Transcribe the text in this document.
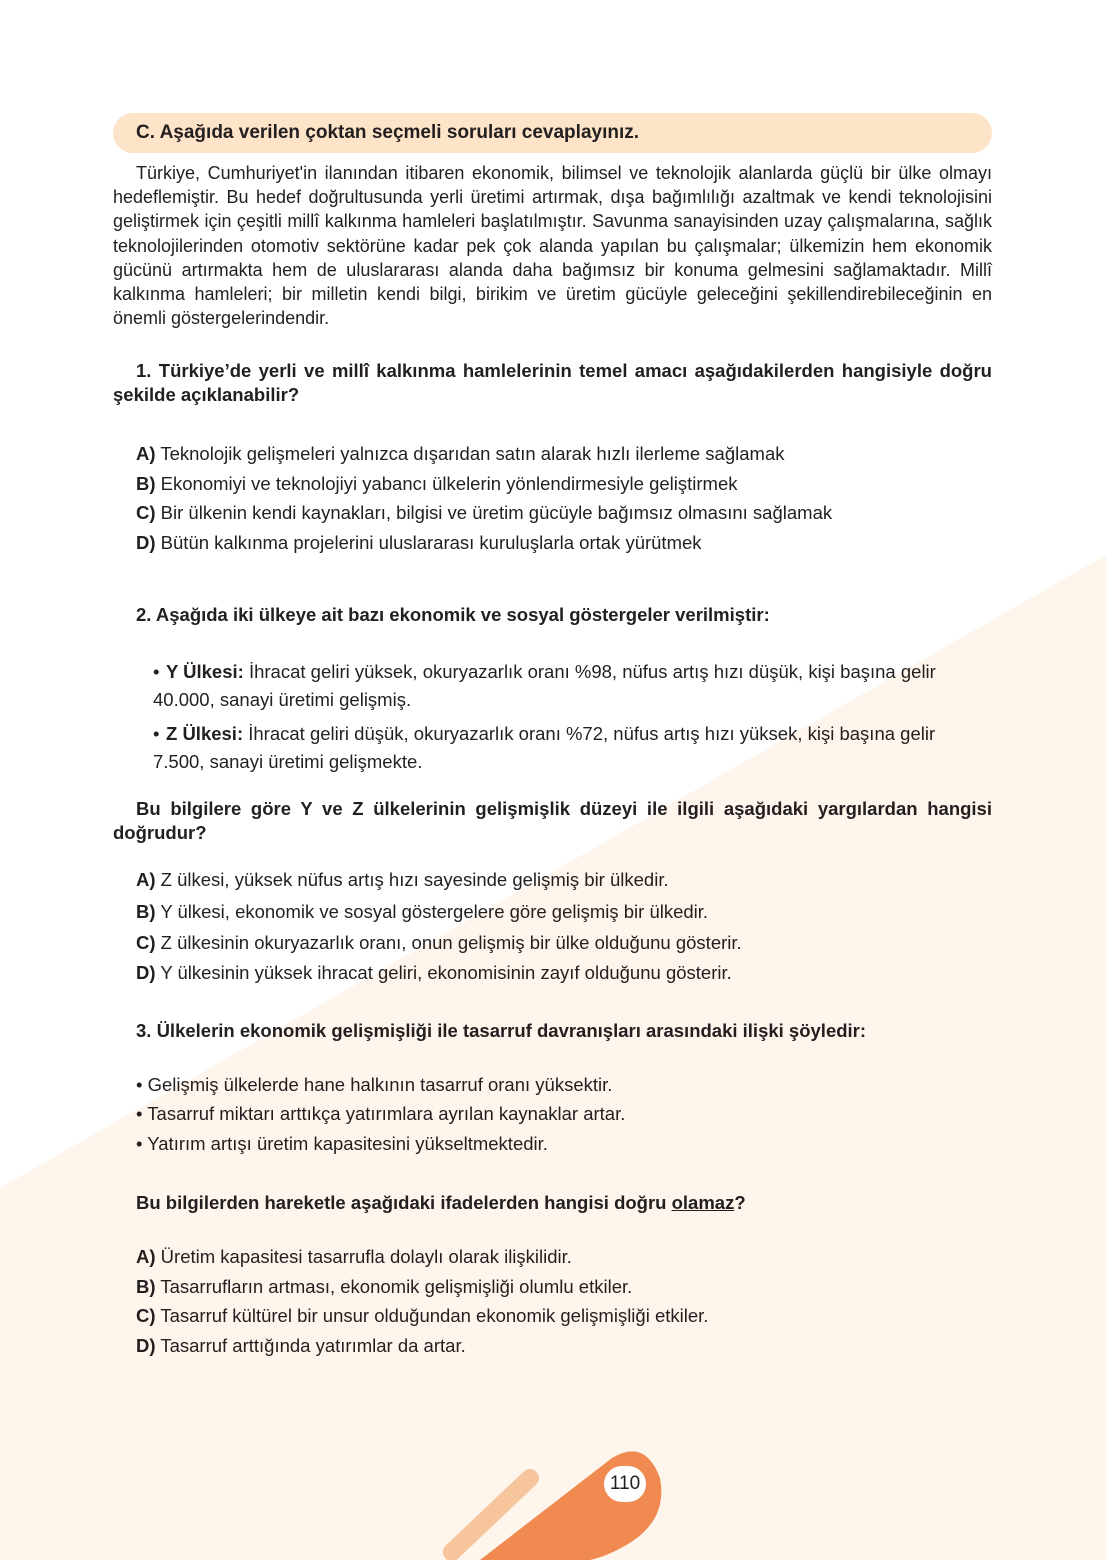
C. Aşağıda verilen çoktan seçmeli soruları cevaplayınız.

Türkiye, Cumhuriyet'in ilanından itibaren ekonomik, bilimsel ve teknolojik alanlarda güçlü bir ülke olmayı hedeflemiştir. Bu hedef doğrultusunda yerli üretimi artırmak, dışa bağımlılığı azaltmak ve kendi teknolojisini geliştirmek için çeşitli millî kalkınma hamleleri başlatılmıştır. Savunma sanayisinden uzay çalışmalarına, sağlık teknolojilerinden otomotiv sektörüne kadar pek çok alanda yapılan bu çalışmalar; ülkemizin hem ekonomik gücünü artırmakta hem de uluslararası alanda daha bağımsız bir konuma gelmesini sağlamaktadır. Millî kalkınma hamleleri; bir milletin kendi bilgi, birikim ve üretim gücüyle geleceğini şekillendirebileceğinin en önemli göstergelerindendir.

1. Türkiye’de yerli ve millî kalkınma hamlelerinin temel amacı aşağıdakilerden hangisiyle doğru şekilde açıklanabilir?

A) Teknolojik gelişmeleri yalnızca dışarıdan satın alarak hızlı ilerleme sağlamak
B) Ekonomiyi ve teknolojiyi yabancı ülkelerin yönlendirmesiyle geliştirmek
C) Bir ülkenin kendi kaynakları, bilgisi ve üretim gücüyle bağımsız olmasını sağlamak
D) Bütün kalkınma projelerini uluslararası kuruluşlarla ortak yürütmek

2. Aşağıda iki ülkeye ait bazı ekonomik ve sosyal göstergeler verilmiştir:

• Y Ülkesi: İhracat geliri yüksek, okuryazarlık oranı %98, nüfus artış hızı düşük, kişi başına gelir 40.000, sanayi üretimi gelişmiş.
• Z Ülkesi: İhracat geliri düşük, okuryazarlık oranı %72, nüfus artış hızı yüksek, kişi başına gelir 7.500, sanayi üretimi gelişmekte.

Bu bilgilere göre Y ve Z ülkelerinin gelişmişlik düzeyi ile ilgili aşağıdaki yargılardan hangisi doğrudur?

A) Z ülkesi, yüksek nüfus artış hızı sayesinde gelişmiş bir ülkedir.
B) Y ülkesi, ekonomik ve sosyal göstergelere göre gelişmiş bir ülkedir.
C) Z ülkesinin okuryazarlık oranı, onun gelişmiş bir ülke olduğunu gösterir.
D) Y ülkesinin yüksek ihracat geliri, ekonomisinin zayıf olduğunu gösterir.

3. Ülkelerin ekonomik gelişmişliği ile tasarruf davranışları arasındaki ilişki şöyledir:

• Gelişmiş ülkelerde hane halkının tasarruf oranı yüksektir.
• Tasarruf miktarı arttıkça yatırımlara ayrılan kaynaklar artar.
• Yatırım artışı üretim kapasitesini yükseltmektedir.

Bu bilgilerden hareketle aşağıdaki ifadelerden hangisi doğru olamaz?

A) Üretim kapasitesi tasarrufla dolaylı olarak ilişkilidir.
B) Tasarrufların artması, ekonomik gelişmişliği olumlu etkiler.
C) Tasarruf kültürel bir unsur olduğundan ekonomik gelişmişliği etkiler.
D) Tasarruf arttığında yatırımlar da artar.
110
